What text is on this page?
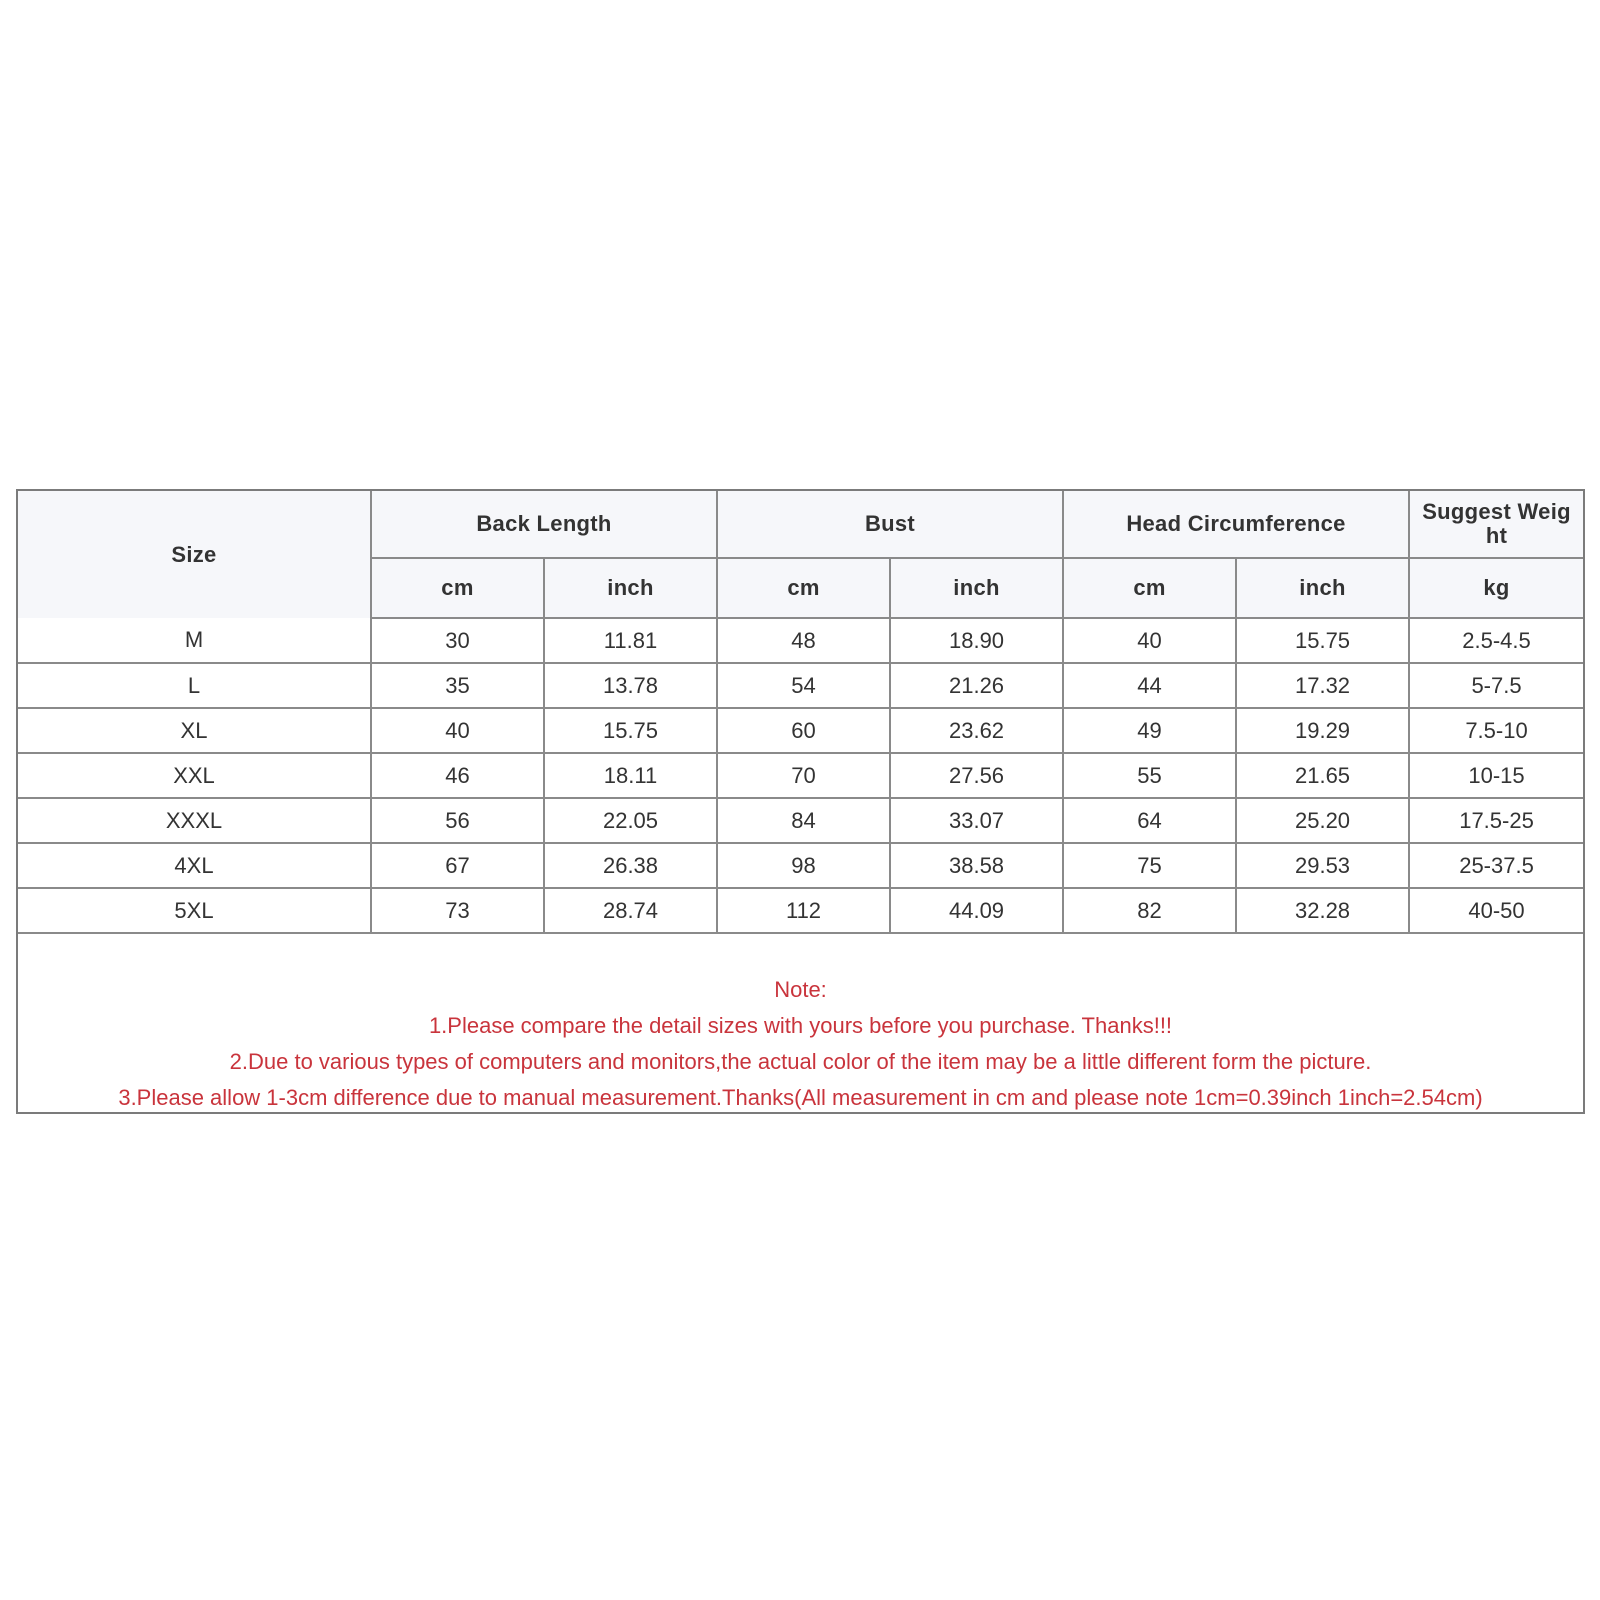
Size	Back Length		Bust		Head Circumference		Suggest Weight
	cm	inch	cm	inch	cm	inch	kg
M	30	11.81	48	18.90	40	15.75	2.5-4.5
L	35	13.78	54	21.26	44	17.32	5-7.5
XL	40	15.75	60	23.62	49	19.29	7.5-10
XXL	46	18.11	70	27.56	55	21.65	10-15
XXXL	56	22.05	84	33.07	64	25.20	17.5-25
4XL	67	26.38	98	38.58	75	29.53	25-37.5
5XL	73	28.74	112	44.09	82	32.28	40-50
Note:
1.Please compare the detail sizes with yours before you purchase. Thanks!!!
2.Due to various types of computers and monitors,the actual color of the item may be a little different form the picture.
3.Please allow 1-3cm difference due to manual measurement.Thanks(All measurement in cm and please note 1cm=0.39inch 1inch=2.54cm)
